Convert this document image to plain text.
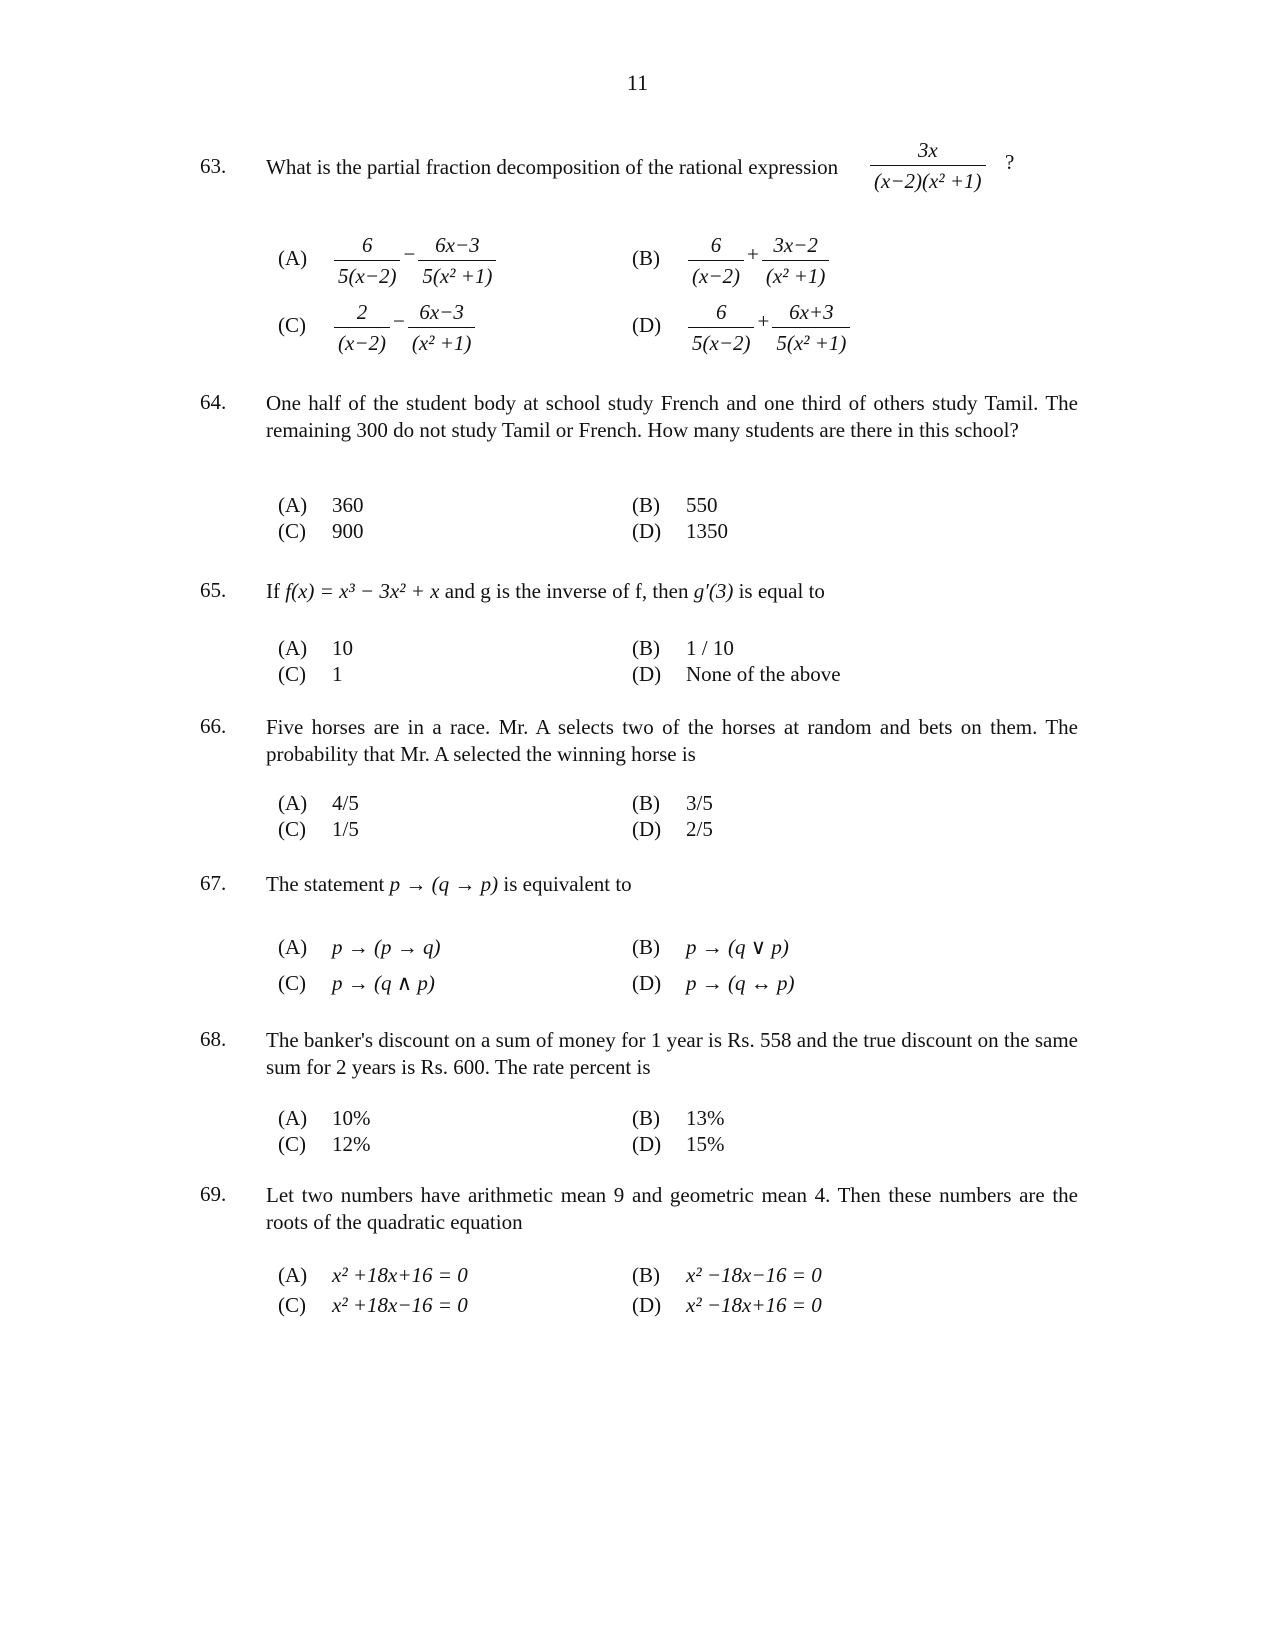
11
63. What is the partial fraction decomposition of the rational expression	$\frac{3x}{\text{(x−2)(x² +1)}}$ ?
$(A) \frac{6}{5(x-2)} - \frac{6x-3}{\text{5(x² +1)}}$	$(B) \frac{6}{(x-2)} + \frac{3x-2}{\text{(x² +1)}}$
$(C) \frac{2}{(x-2)} - \frac{6x-3}{\text{(x² +1)}}$	$(D) \frac{6}{5(x-2)} + \frac{6x+3}{\text{5(x² +1)}}$
64. One half of the student body at school study French and one third of others study Tamil. The remaining 300 do not study Tamil or French. How many students are there in this school?
(A) 360	(B) 550
(C) 900	(D) 1350
65. If f(x) = x³ − 3x² + x and g is the inverse of f, then g′(3) is equal to
(A) 10	(B) 1 / 10
(C) 1	(D) None of the above
66. Five horses are in a race. Mr. A selects two of the horses at random and bets on them. The probability that Mr. A selected the winning horse is
(A) 4/5	(B) 3/5
(C) 1/5	(D) 2/5
67. The statement p → (q → p) is equivalent to
(A) p → (p → q)	(B) p → (q ∨ p)
(C) p → (q ∧ p)	(D) p → (q ↔ p)
68. The banker's discount on a sum of money for 1 year is Rs. 558 and the true discount on the same sum for 2 years is Rs. 600. The rate percent is
(A) 10%	(B) 13%
(C) 12%	(D) 15%
69. Let two numbers have arithmetic mean 9 and geometric mean 4. Then these numbers are the roots of the quadratic equation
(A) x² +18x+16 = 0	(B) x² −18x−16 = 0
(C) x² +18x−16 = 0	(D) x² −18x+16 = 0
